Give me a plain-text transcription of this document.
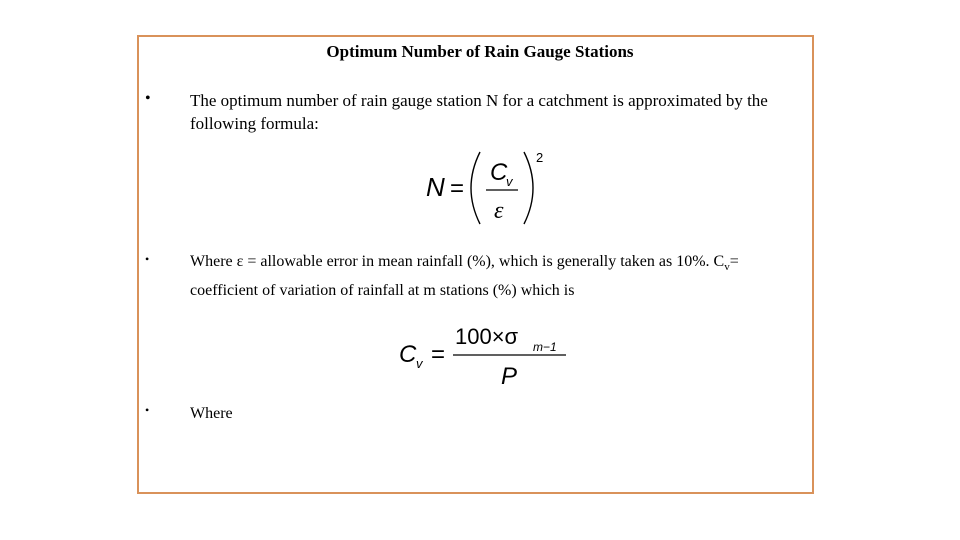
Optimum Number of Rain Gauge Stations
• The optimum number of rain gauge station N for a catchment is approximated by the following formula:
N =
C
v
ε
2
•	Where ε = allowable error in mean rainfall (%), which is generally taken as 10%. $C_v=$ coefficient of variation of rainfall at m stations (%) which is
C v =
100×σ m−1
P
•	Where
